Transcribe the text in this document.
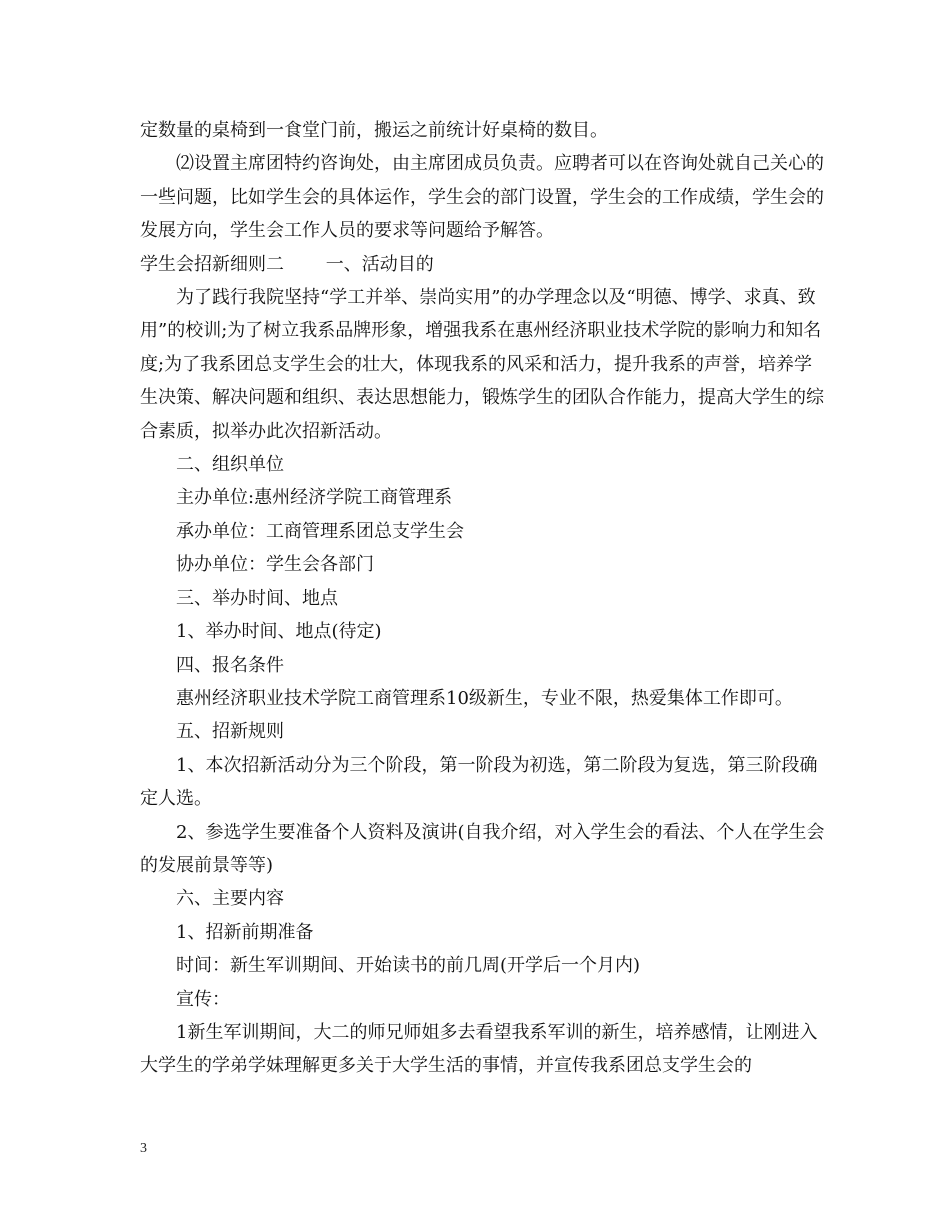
定数量的桌椅到一食堂门前，搬运之前统计好桌椅的数目。

⑵设置主席团特约咨询处，由主席团成员负责。应聘者可以在咨询处就自己关心的一些问题，比如学生会的具体运作，学生会的部门设置，学生会的工作成绩，学生会的发展方向，学生会工作人员的要求等问题给予解答。

学生会招新细则二　　 一、活动目的

为了践行我院坚持“学工并举、崇尚实用”的办学理念以及“明德、博学、求真、致用”的校训;为了树立我系品牌形象，增强我系在惠州经济职业技术学院的影响力和知名度;为了我系团总支学生会的壮大，体现我系的风采和活力，提升我系的声誉，培养学生决策、解决问题和组织、表达思想能力，锻炼学生的团队合作能力，提高大学生的综合素质，拟举办此次招新活动。

二、组织单位

主办单位:惠州经济学院工商管理系

承办单位：工商管理系团总支学生会

协办单位：学生会各部门

三、举办时间、地点

1、举办时间、地点(待定)

四、报名条件

惠州经济职业技术学院工商管理系10级新生，专业不限，热爱集体工作即可。

五、招新规则

1、本次招新活动分为三个阶段，第一阶段为初选，第二阶段为复选，第三阶段确定人选。

2、参选学生要准备个人资料及演讲(自我介绍，对入学生会的看法、个人在学生会的发展前景等等)

六、主要内容

1、招新前期准备

时间：新生军训期间、开始读书的前几周(开学后一个月内)

宣传：

1新生军训期间，大二的师兄师姐多去看望我系军训的新生，培养感情，让刚进入大学生的学弟学妹理解更多关于大学生活的事情，并宣传我系团总支学生会的

3
